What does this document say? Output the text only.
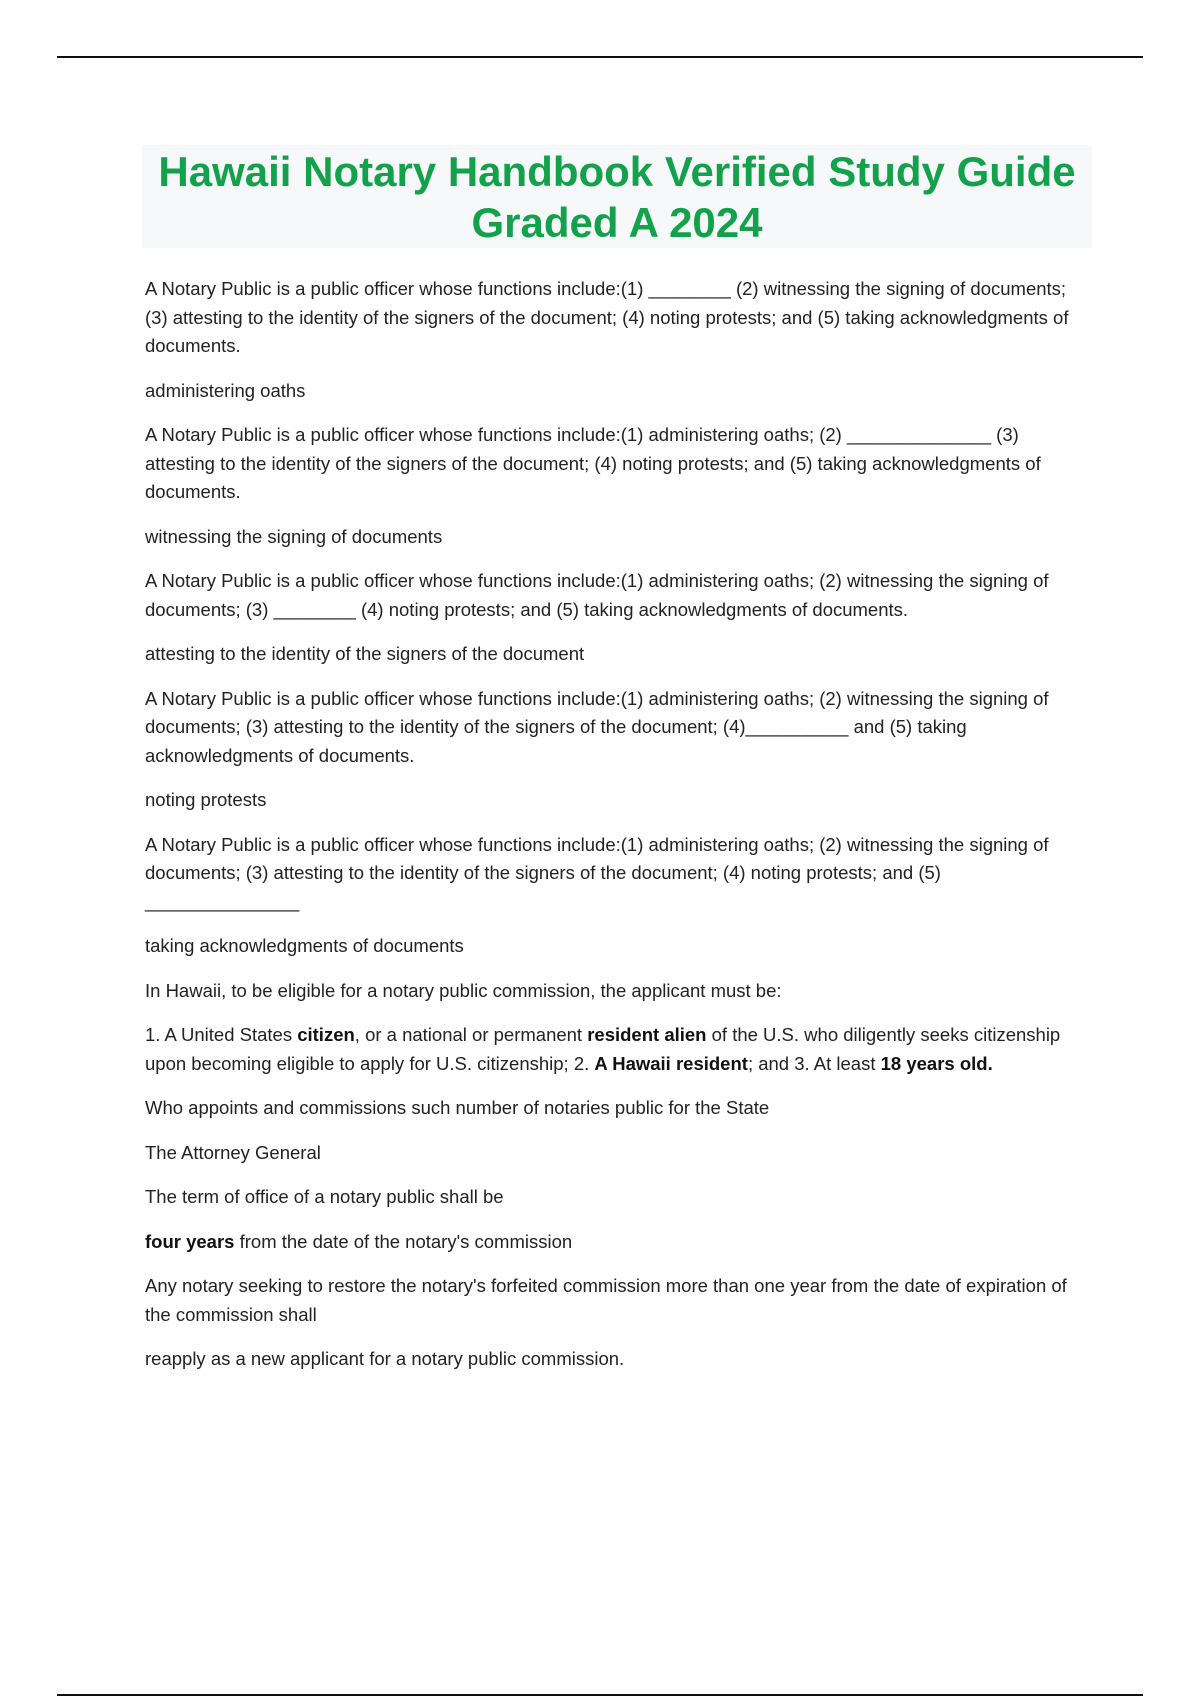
Hawaii Notary Handbook Verified Study Guide Graded A 2024

A Notary Public is a public officer whose functions include:(1) ________ (2) witnessing the signing of documents; (3) attesting to the identity of the signers of the document; (4) noting protests; and (5) taking acknowledgments of documents.

administering oaths

A Notary Public is a public officer whose functions include:(1) administering oaths; (2) ______________ (3) attesting to the identity of the signers of the document; (4) noting protests; and (5) taking acknowledgments of documents.

witnessing the signing of documents

A Notary Public is a public officer whose functions include:(1) administering oaths; (2) witnessing the signing of documents; (3) ________ (4) noting protests; and (5) taking acknowledgments of documents.

attesting to the identity of the signers of the document

A Notary Public is a public officer whose functions include:(1) administering oaths; (2) witnessing the signing of documents; (3) attesting to the identity of the signers of the document; (4)__________ and (5) taking acknowledgments of documents.

noting protests

A Notary Public is a public officer whose functions include:(1) administering oaths; (2) witnessing the signing of documents; (3) attesting to the identity of the signers of the document; (4) noting protests; and (5) _______________

taking acknowledgments of documents

In Hawaii, to be eligible for a notary public commission, the applicant must be:

1. A United States citizen, or a national or permanent resident alien of the U.S. who diligently seeks citizenship upon becoming eligible to apply for U.S. citizenship; 2. A Hawaii resident; and 3. At least 18 years old.

Who appoints and commissions such number of notaries public for the State

The Attorney General

The term of office of a notary public shall be

four years from the date of the notary's commission

Any notary seeking to restore the notary's forfeited commission more than one year from the date of expiration of the commission shall

reapply as a new applicant for a notary public commission.
